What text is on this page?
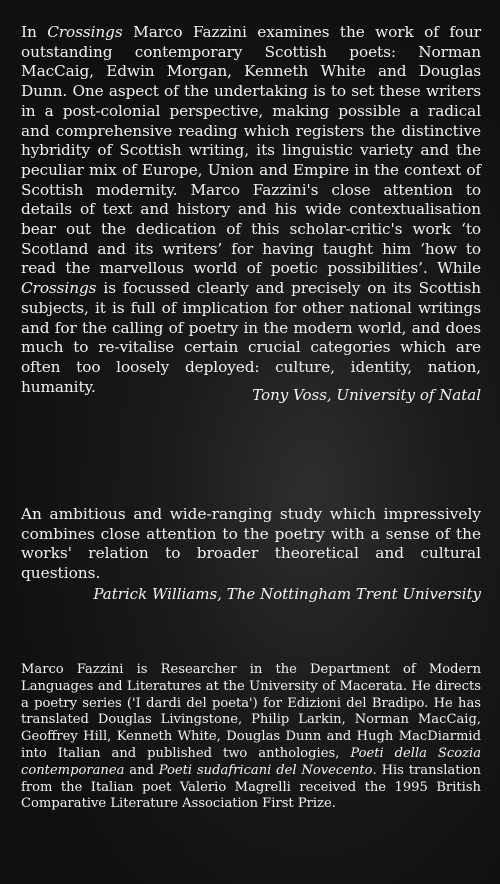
In Crossings Marco Fazzini examines the work of four outstanding contemporary Scottish poets: Norman MacCaig, Edwin Morgan, Kenneth White and Douglas Dunn. One aspect of the undertaking is to set these writers in a post-colonial perspective, making possible a radical and comprehensive reading which registers the distinctive hybridity of Scottish writing, its linguistic variety and the peculiar mix of Europe, Union and Empire in the context of Scottish modernity. Marco Fazzini's close attention to details of text and history and his wide contextualisation bear out the dedication of this scholar-critic's work ‘to Scotland and its writers’ for having taught him ‘how to read the marvellous world of poetic possibilities’. While Crossings is focussed clearly and precisely on its Scottish subjects, it is full of implication for other national writings and for the calling of poetry in the modern world, and does much to re-vitalise certain crucial categories which are often too loosely deployed: culture, identity, nation, humanity.	Tony Voss, University of Natal
An ambitious and wide-ranging study which impressively combines close attention to the poetry with a sense of the works' relation to broader theoretical and cultural questions.
Patrick Williams, The Nottingham Trent University
Marco Fazzini is Researcher in the Department of Modern Languages and Literatures at the University of Macerata. He directs a poetry series ('I dardi del poeta') for Edizioni del Bradipo. He has translated Douglas Livingstone, Philip Larkin, Norman MacCaig, Geoffrey Hill, Kenneth White, Douglas Dunn and Hugh MacDiarmid into Italian and published two anthologies, Poeti della Scozia contemporanea and Poeti sudafricani del Novecento. His translation from the Italian poet Valerio Magrelli received the 1995 British Comparative Literature Association First Prize.
